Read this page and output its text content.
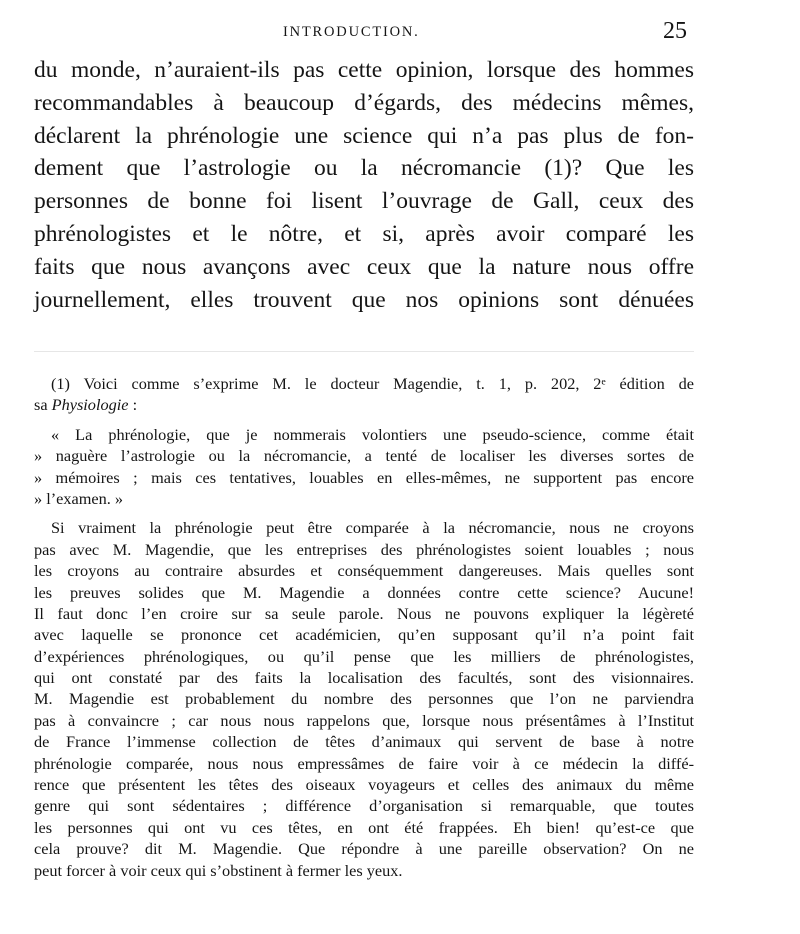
INTRODUCTION.	25
du monde, n’auraient-ils pas cette opinion, lorsque des hommes
recommandables à beaucoup d’égards, des médecins mêmes,
déclarent la phrénologie une science qui n’a pas plus de fon-
dement que l’astrologie ou la nécromancie (1)? Que les
personnes de bonne foi lisent l’ouvrage de Gall, ceux des
phrénologistes et le nôtre, et si, après avoir comparé les
faits que nous avançons avec ceux que la nature nous offre
journellement, elles trouvent que nos opinions sont dénuées
(1) Voici comme s’exprime M. le docteur Magendie, t. 1, p. 202, 2ᵉ édition de
sa Physiologie :
« La phrénologie, que je nommerais volontiers une pseudo-science, comme était
» naguère l’astrologie ou la nécromancie, a tenté de localiser les diverses sortes de
» mémoires ; mais ces tentatives, louables en elles-mêmes, ne supportent pas encore
» l’examen. »
Si vraiment la phrénologie peut être comparée à la nécromancie, nous ne croyons
pas avec M. Magendie, que les entreprises des phrénologistes soient louables ; nous
les croyons au contraire absurdes et conséquemment dangereuses. Mais quelles sont
les preuves solides que M. Magendie a données contre cette science? Aucune!
Il faut donc l’en croire sur sa seule parole. Nous ne pouvons expliquer la légèreté
avec laquelle se prononce cet académicien, qu’en supposant qu’il n’a point fait
d’expériences phrénologiques, ou qu’il pense que les milliers de phrénologistes,
qui ont constaté par des faits la localisation des facultés, sont des visionnaires.
M. Magendie est probablement du nombre des personnes que l’on ne parviendra
pas à convaincre ; car nous nous rappelons que, lorsque nous présentâmes à l’Institut
de France l’immense collection de têtes d’animaux qui servent de base à notre
phrénologie comparée, nous nous empressâmes de faire voir à ce médecin la diffé-
rence que présentent les têtes des oiseaux voyageurs et celles des animaux du même
genre qui sont sédentaires ; différence d’organisation si remarquable, que toutes
les personnes qui ont vu ces têtes, en ont été frappées. Eh bien! qu’est-ce que
cela prouve? dit M. Magendie. Que répondre à une pareille observation? On ne
peut forcer à voir ceux qui s’obstinent à fermer les yeux.
